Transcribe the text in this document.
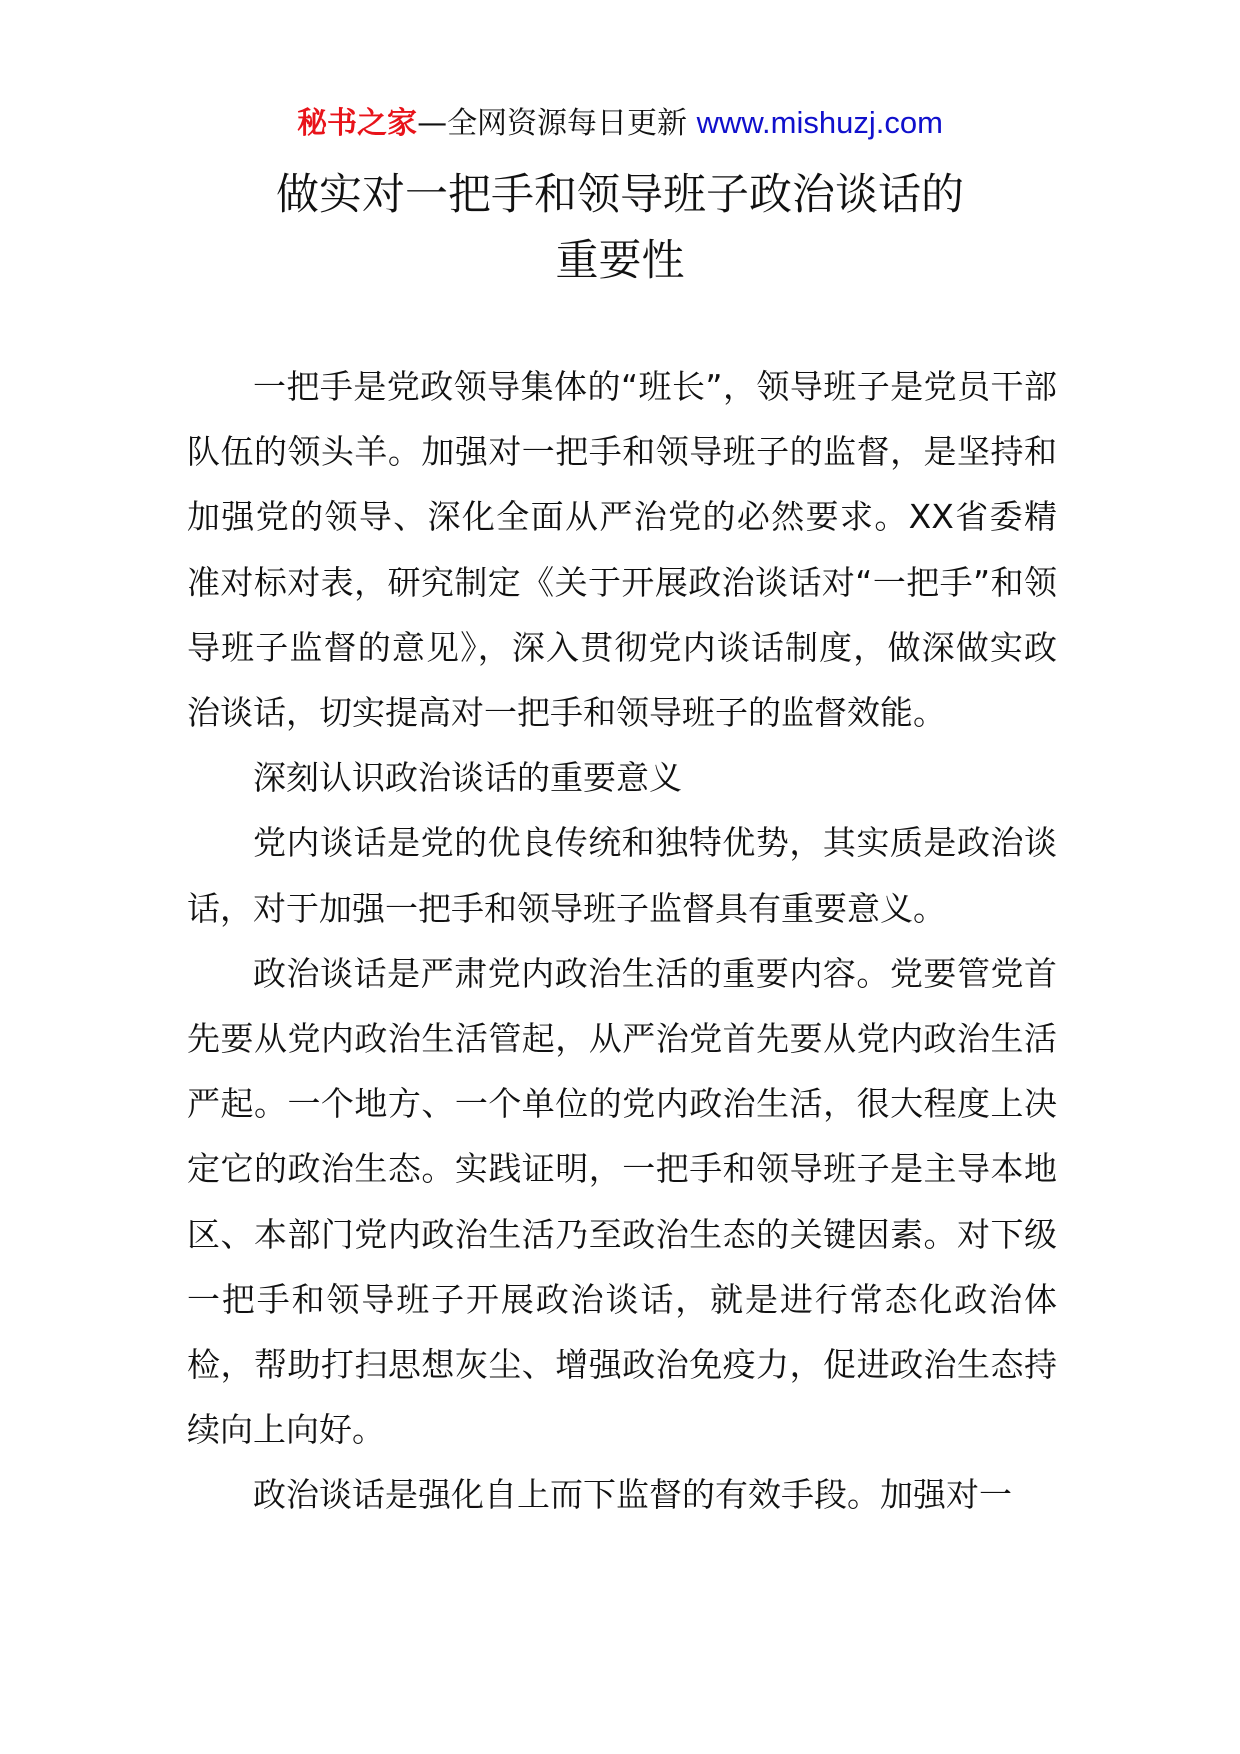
秘书之家—全网资源每日更新 www.mishuzj.com
做实对一把手和领导班子政治谈话的
重要性

一把手是党政领导集体的“班长”，领导班子是党员干部队伍的领头羊。加强对一把手和领导班子的监督，是坚持和加强党的领导、深化全面从严治党的必然要求。XX省委精准对标对表，研究制定《关于开展政治谈话对“一把手”和领导班子监督的意见》，深入贯彻党内谈话制度，做深做实政治谈话，切实提高对一把手和领导班子的监督效能。

深刻认识政治谈话的重要意义

党内谈话是党的优良传统和独特优势，其实质是政治谈话，对于加强一把手和领导班子监督具有重要意义。

政治谈话是严肃党内政治生活的重要内容。党要管党首先要从党内政治生活管起，从严治党首先要从党内政治生活严起。一个地方、一个单位的党内政治生活，很大程度上决定它的政治生态。实践证明，一把手和领导班子是主导本地区、本部门党内政治生活乃至政治生态的关键因素。对下级一把手和领导班子开展政治谈话，就是进行常态化政治体检，帮助打扫思想灰尘、增强政治免疫力，促进政治生态持续向上向好。

政治谈话是强化自上而下监督的有效手段。加强对一
